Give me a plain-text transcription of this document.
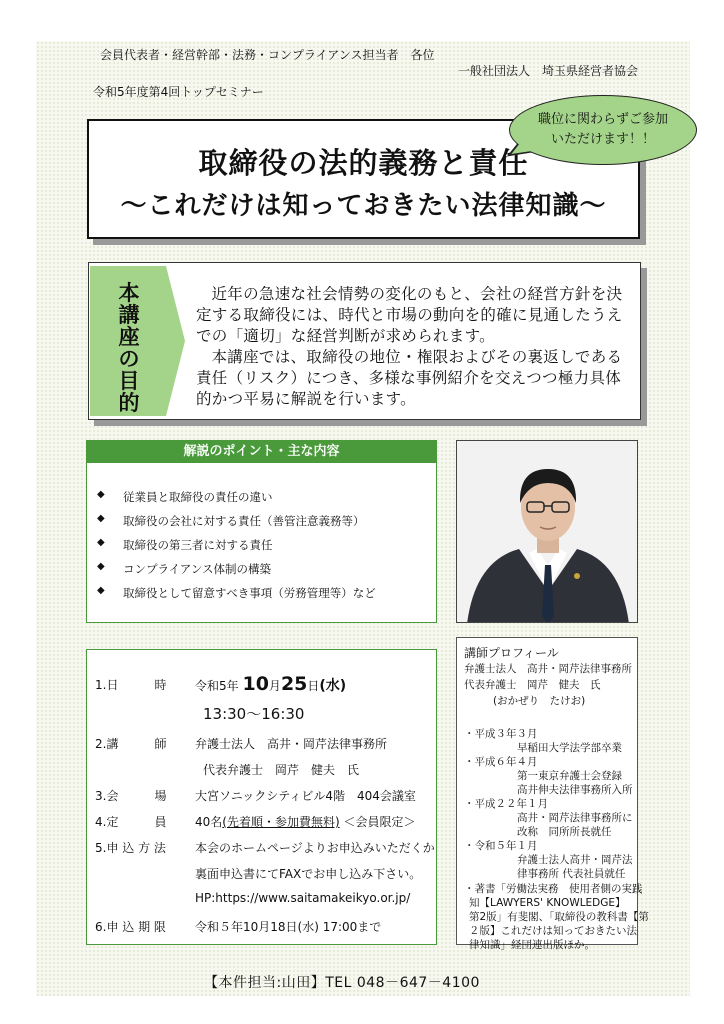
会員代表者・経営幹部・法務・コンプライアンス担当者　各位
一般社団法人　埼玉県経営者協会
令和5年度第4回トップセミナー
取締役の法的義務と責任
～これだけは知っておきたい法律知識～
職位に関わらずご参加
いただけます！！
本
講
座
の
目
的

近年の急速な社会情勢の変化のもと、会社の経営方針を決定する取締役には、時代と市場の動向を的確に見通したうえでの「適切」な経営判断が求められます。

本講座では、取締役の地位・権限およびその裏返しである責任（リスク）につき、多様な事例紹介を交えつつ極力具体的かつ平易に解説を行います。

解説のポイント・主な内容
◆	従業員と取締役の責任の違い
◆	取締役の会社に対する責任（善管注意義務等）
◆	取締役の第三者に対する責任
◆	コンプライアンス体制の構築
◆	取締役として留意すべき事項（労務管理等）など
1.日　　　時 令和5年 10月25日(水)
13:30～16:30
2.講　　　師 弁護士法人　高井・岡芹法律事務所
代表弁護士　岡芹　健夫　氏
3.会　　　場 大宮ソニックシティビル4階　404会議室
4.定　　　員 40名(先着順・参加費無料) ＜会員限定＞
5.申 込 方 法 本会のホームページよりお申込みいただくか
裏面申込書にてFAXでお申し込み下さい。
HP:https://www.saitamakeikyo.or.jp/
6.申 込 期 限 令和５年10月18日(水) 17:00まで
講師プロフィール
弁護士法人　高井・岡芹法律事務所
代表弁護士　岡芹　健夫　氏
(おかぜり　たけお)
・平成３年３月
早稲田大学法学部卒業
・平成６年４月
第一東京弁護士会登録
高井伸夫法律事務所入所
・平成２２年１月
高井・岡芹法律事務所に
改称　同所所長就任
・令和５年１月
弁護士法人高井・岡芹法
律事務所 代表社員就任
・著書「労働法実務　使用者側の実践
知【LAWYERS' KNOWLEDGE】
第2版」有斐閣、「取締役の教科書【第
２版】これだけは知っておきたい法
律知識」経団連出版ほか。
【本件担当:山田】TEL 048－647－4100
